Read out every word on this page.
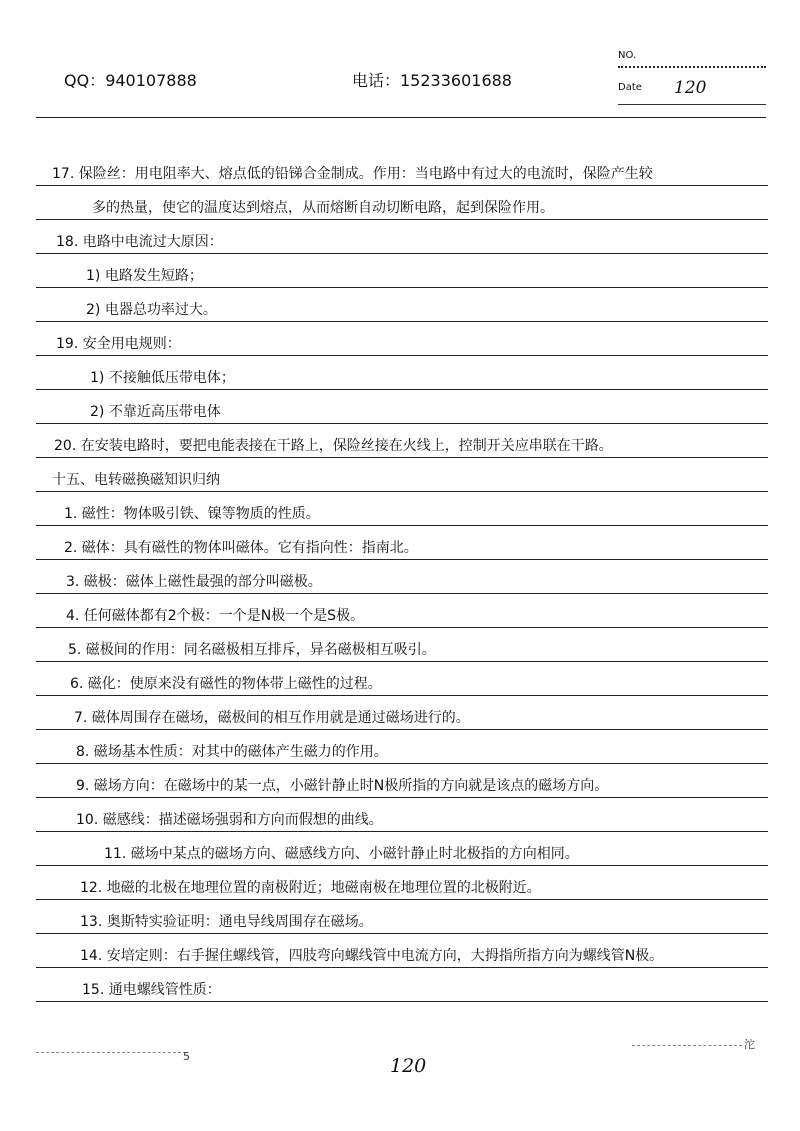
QQ：940107888	电话：15233601688
NO.
Date 120
17. 保险丝：用电阻率大、熔点低的铅锑合金制成。作用：当电路中有过大的电流时，保险产生较
多的热量，使它的温度达到熔点，从而熔断自动切断电路，起到保险作用。
18. 电路中电流过大原因：
1) 电路发生短路；
2) 电器总功率过大。
19. 安全用电规则：
1) 不接触低压带电体；
2) 不靠近高压带电体
20. 在安装电路时，要把电能表接在干路上，保险丝接在火线上，控制开关应串联在干路。
十五、电转磁换磁知识归纳
1. 磁性：物体吸引铁、镍等物质的性质。
2. 磁体：具有磁性的物体叫磁体。它有指向性：指南北。
3. 磁极：磁体上磁性最强的部分叫磁极。
4. 任何磁体都有2个极：一个是N极一个是S极。
5. 磁极间的作用：同名磁极相互排斥，异名磁极相互吸引。
6. 磁化：使原来没有磁性的物体带上磁性的过程。
7. 磁体周围存在磁场，磁极间的相互作用就是通过磁场进行的。
8. 磁场基本性质：对其中的磁体产生磁力的作用。
9. 磁场方向：在磁场中的某一点，小磁针静止时N极所指的方向就是该点的磁场方向。
10. 磁感线：描述磁场强弱和方向而假想的曲线。
11. 磁场中某点的磁场方向、磁感线方向、小磁针静止时北极指的方向相同。
12. 地磁的北极在地理位置的南极附近；地磁南极在地理位置的北极附近。
13. 奥斯特实验证明：通电导线周围存在磁场。
14. 安培定则：右手握住螺线管，四肢弯向螺线管中电流方向，大拇指所指方向为螺线管N极。
15. 通电螺线管性质：
5	120
沱
